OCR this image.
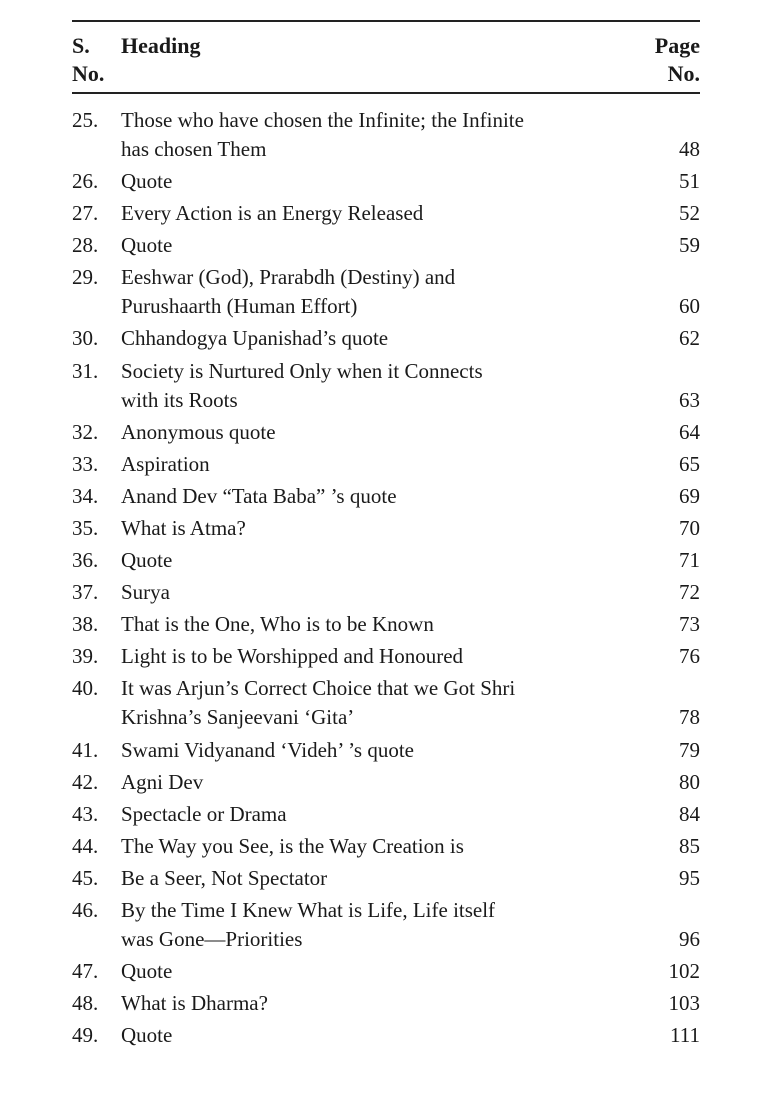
S.
No.
Heading	Page
No.
25.	Those who have chosen the Infinite; the Infinite
has chosen Them	48
26.	Quote	51
27.	Every Action is an Energy Released	52
28.	Quote	59
29.	Eeshwar (God), Prarabdh (Destiny) and
Purushaarth (Human Effort)	60
30.	Chhandogya Upanishad’s quote	62
31.	Society is Nurtured Only when it Connects
with its Roots	63
32.	Anonymous quote	64
33.	Aspiration	65
34.	Anand Dev “Tata Baba” ’s quote	69
35.	What is Atma?	70
36.	Quote	71
37.	Surya	72
38.	That is the One, Who is to be Known	73
39.	Light is to be Worshipped and Honoured	76
40.	It was Arjun’s Correct Choice that we Got Shri
Krishna’s Sanjeevani ‘Gita’	78
41.	Swami Vidyanand ‘Videh’ ’s quote	79
42.	Agni Dev	80
43.	Spectacle or Drama	84
44.	The Way you See, is the Way Creation is	85
45.	Be a Seer, Not Spectator	95
46.	By the Time I Knew What is Life, Life itself
was Gone—Priorities	96
47.	Quote	102
48.	What is Dharma?	103
49.	Quote	111
